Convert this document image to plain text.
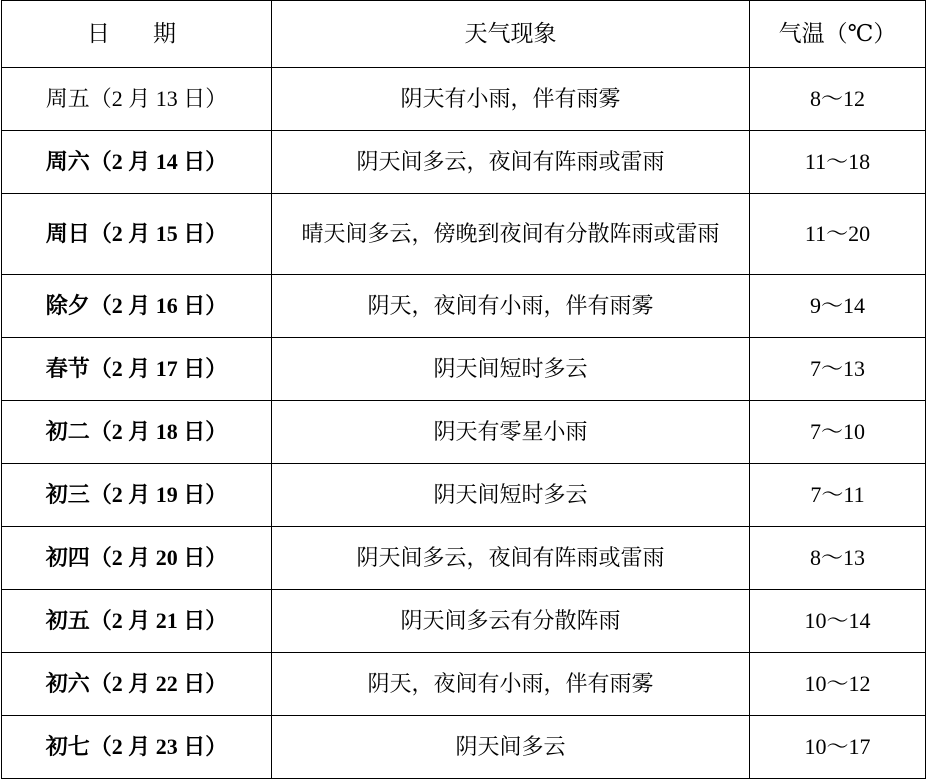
日　期	天气现象	气温（℃）
周五（2 月 13 日）	阴天有小雨，伴有雨雾	8～12
周六（2 月 14 日）	阴天间多云，夜间有阵雨或雷雨	11～18
周日（2 月 15 日）	晴天间多云，傍晚到夜间有分散阵雨或雷雨	11～20
除夕（2 月 16 日）	阴天，夜间有小雨，伴有雨雾	9～14
春节（2 月 17 日）	阴天间短时多云	7～13
初二（2 月 18 日）	阴天有零星小雨	7～10
初三（2 月 19 日）	阴天间短时多云	7～11
初四（2 月 20 日）	阴天间多云，夜间有阵雨或雷雨	8～13
初五（2 月 21 日）	阴天间多云有分散阵雨	10～14
初六（2 月 22 日）	阴天，夜间有小雨，伴有雨雾	10～12
初七（2 月 23 日）	阴天间多云	10～17
